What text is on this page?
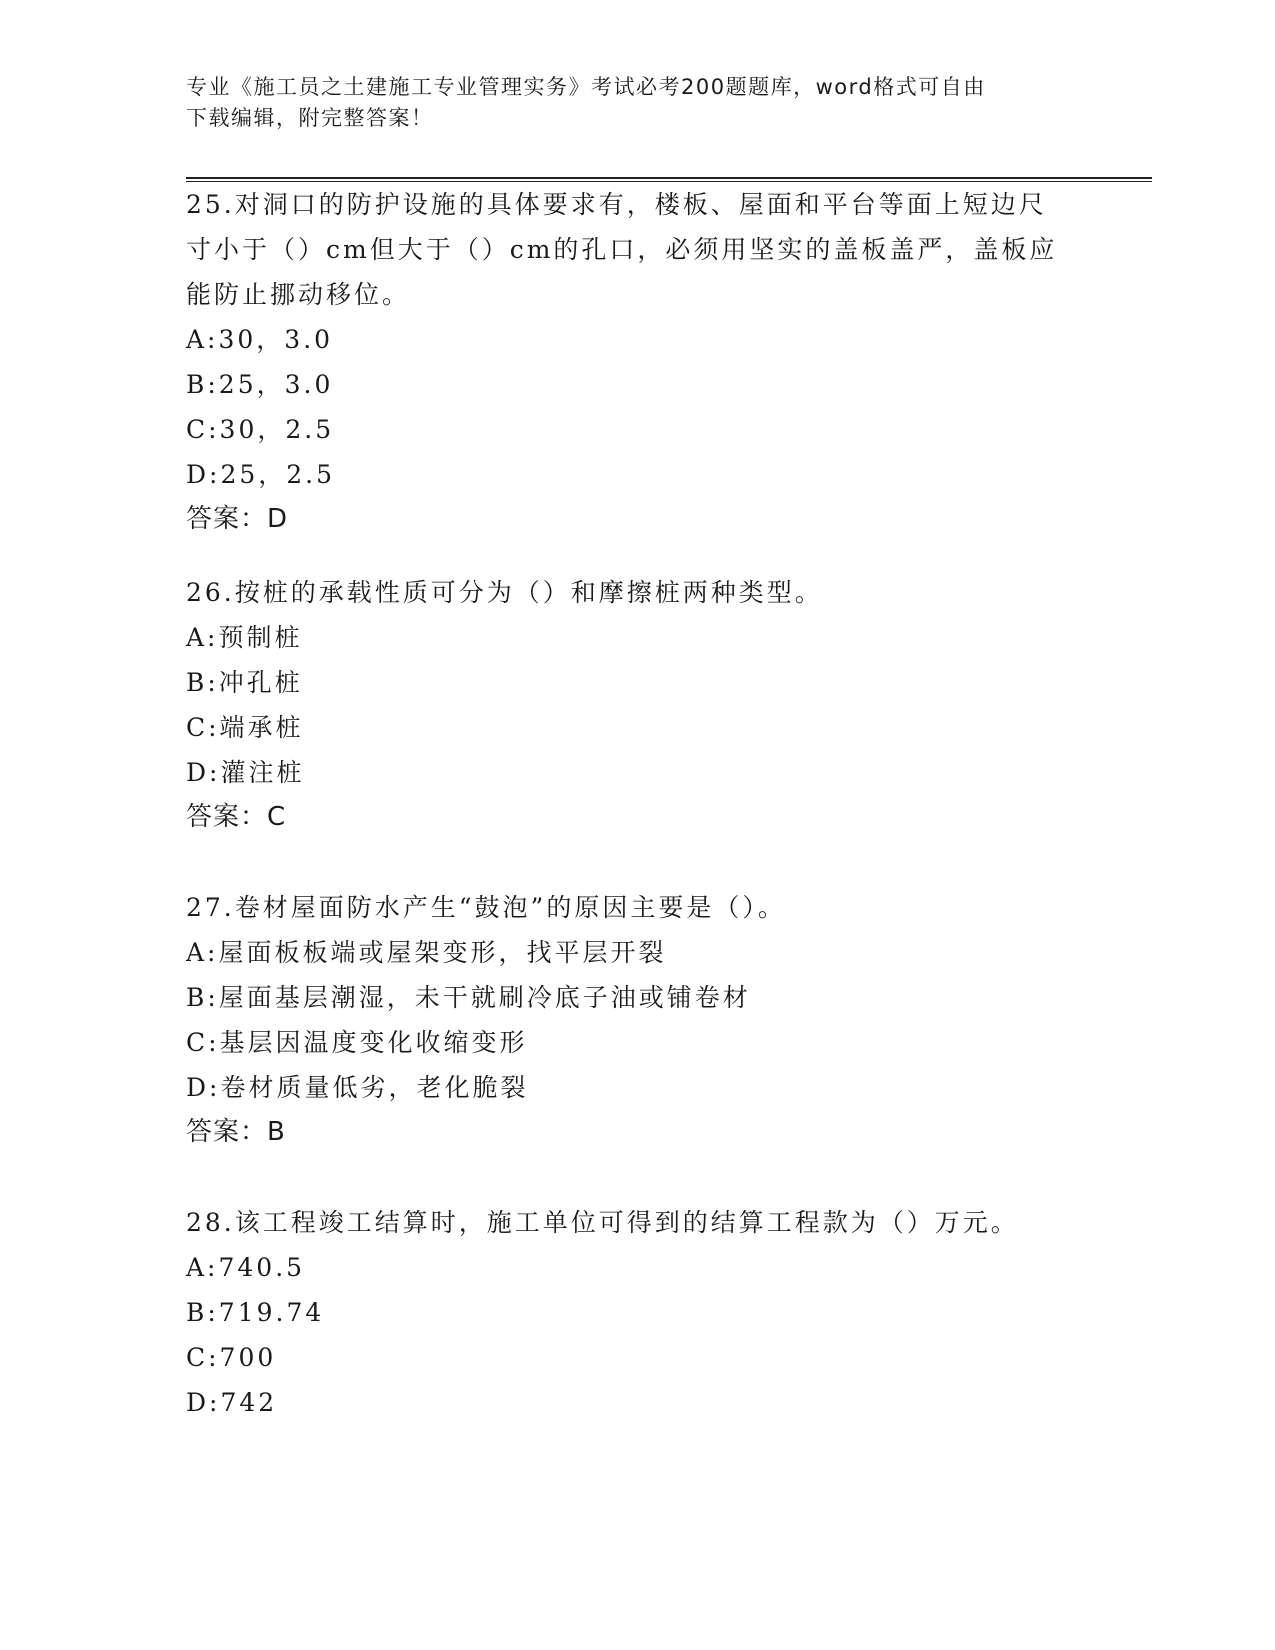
专业《施工员之土建施工专业管理实务》考试必考200题题库，word格式可自由
下载编辑，附完整答案！
25.对洞口的防护设施的具体要求有，楼板、屋面和平台等面上短边尺寸小于（）cm但大于（）cm的孔口，必须用坚实的盖板盖严，盖板应能防止挪动移位。
A:30，3.0
B:25，3.0
C:30，2.5
D:25，2.5
答案：D
26.按桩的承载性质可分为（）和摩擦桩两种类型。
A:预制桩
B:冲孔桩
C:端承桩
D:灌注桩
答案：C
27.卷材屋面防水产生“鼓泡”的原因主要是（）。
A:屋面板板端或屋架变形，找平层开裂
B:屋面基层潮湿，未干就刷冷底子油或铺卷材
C:基层因温度变化收缩变形
D:卷材质量低劣，老化脆裂
答案：B
28.该工程竣工结算时，施工单位可得到的结算工程款为（）万元。
A:740.5
B:719.74
C:700
D:742
